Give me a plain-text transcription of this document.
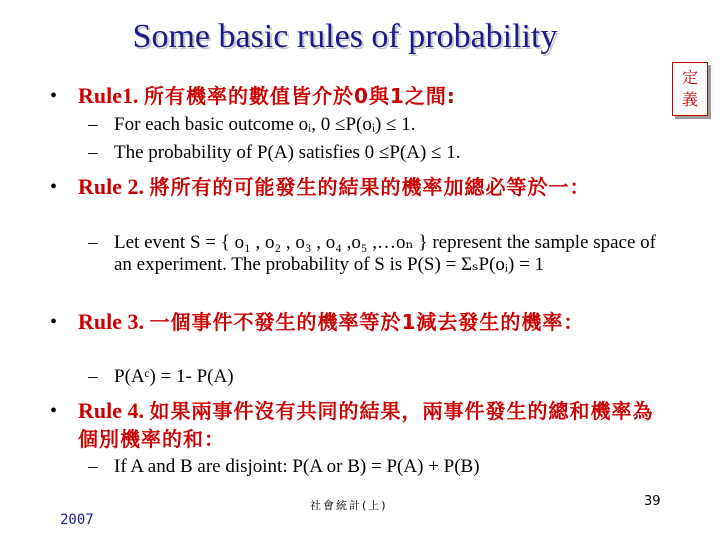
Some basic rules of probability
定
義
• Rule1. 所有機率的數值皆介於0與1之間:
– For each basic outcome oᵢ, 0 ≤P(oᵢ) ≤ 1.
– The probability of P(A) satisfies 0 ≤P(A) ≤ 1.
• Rule 2. 將所有的可能發生的結果的機率加總必等於一：
– Let event S = { o₁ , o₂ , o₃ , o₄ ,o₅ ,…oₙ } represent the sample space of an experiment. The probability of S is P(S) = ΣₛP(oᵢ) = 1
• Rule 3. 一個事件不發生的機率等於1減去發生的機率：
– P(Aᶜ) = 1- P(A)
• Rule 4. 如果兩事件沒有共同的結果，兩事件發生的總和機率為個別機率的和：
– If A and B are disjoint: P(A or B) = P(A) + P(B)
2007
社會統計(上)	39
